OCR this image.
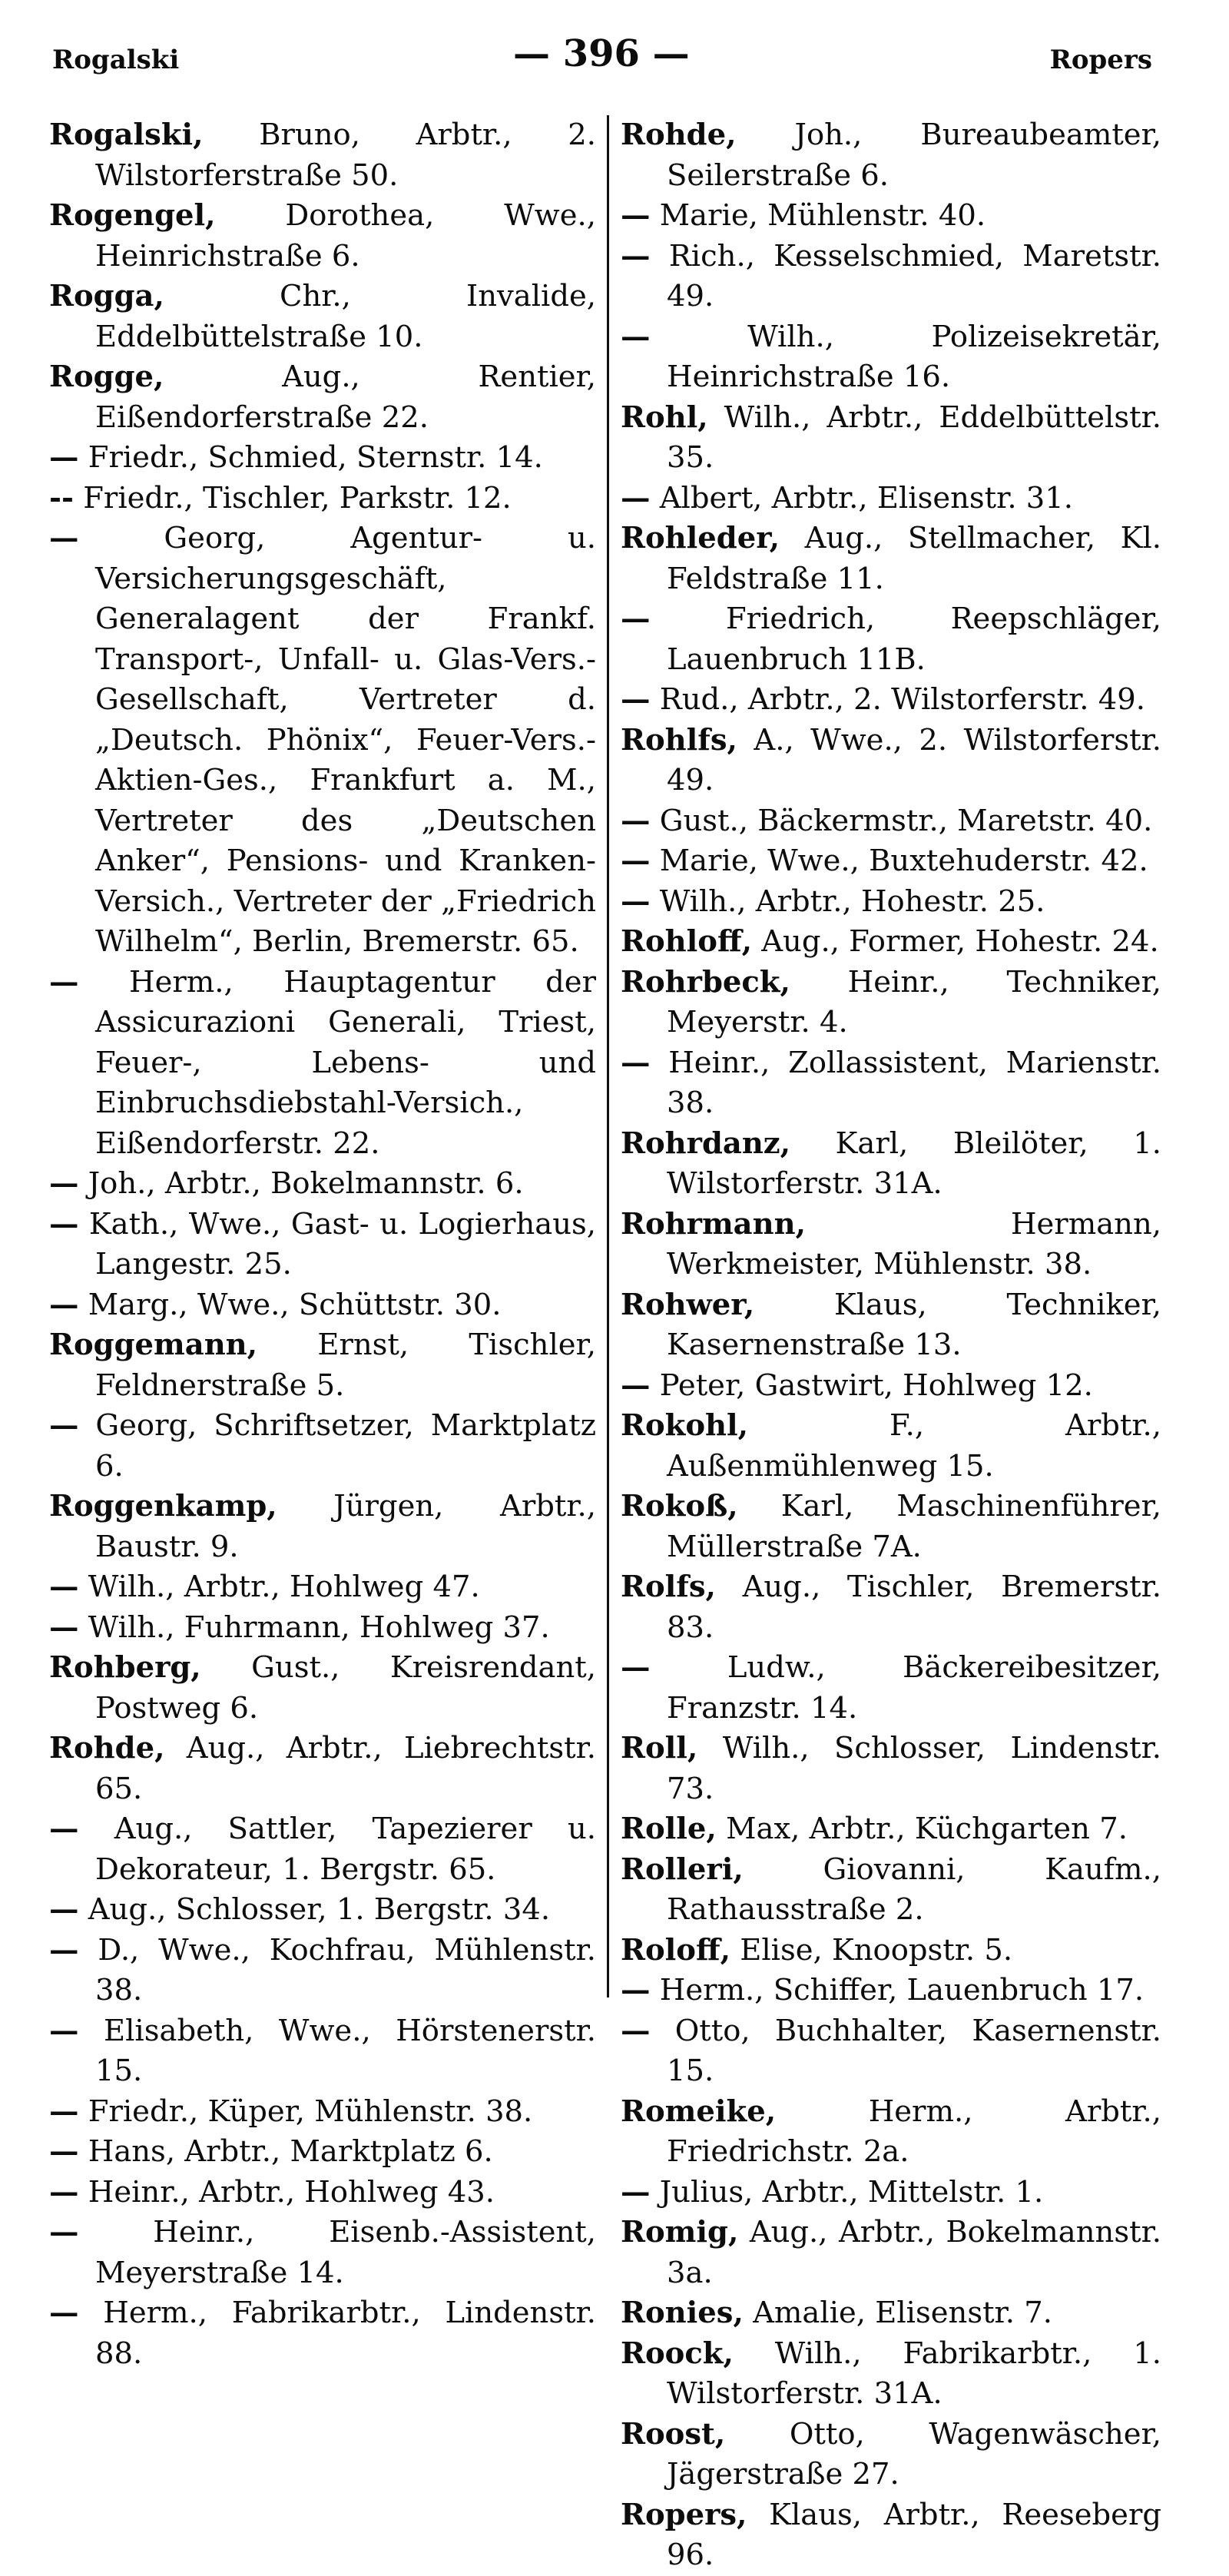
Rogalski	— 396 —	Ropers
Rogalski, Bruno, Arbtr., 2. Wilstorferstraße 50.
Rogengel, Dorothea, Wwe., Heinrichstraße 6.
Rogga, Chr., Invalide, Eddelbüttelstraße 10.
Rogge, Aug., Rentier, Eißendorferstraße 22.
— Friedr., Schmied, Sternstr. 14.
-- Friedr., Tischler, Parkstr. 12.
— Georg, Agentur- u. Versicherungsgeschäft, Generalagent der Frankf. Transport-, Unfall- u. Glas-Vers.-Gesellschaft, Vertreter d. „Deutsch. Phönix“, Feuer-Vers.-Aktien-Ges., Frankfurt a. M., Vertreter des „Deutschen Anker“, Pensions- und Kranken-Versich., Vertreter der „Friedrich Wilhelm“, Berlin, Bremerstr. 65.
— Herm., Hauptagentur der Assicurazioni Generali, Triest, Feuer-, Lebens- und Einbruchsdiebstahl-Versich., Eißendorferstr. 22.
— Joh., Arbtr., Bokelmannstr. 6.
— Kath., Wwe., Gast- u. Logierhaus, Langestr. 25.
— Marg., Wwe., Schüttstr. 30.
Roggemann, Ernst, Tischler, Feldnerstraße 5.
— Georg, Schriftsetzer, Marktplatz 6.
Roggenkamp, Jürgen, Arbtr., Baustr. 9.
— Wilh., Arbtr., Hohlweg 47.
— Wilh., Fuhrmann, Hohlweg 37.
Rohberg, Gust., Kreisrendant, Postweg 6.
Rohde, Aug., Arbtr., Liebrechtstr. 65.
— Aug., Sattler, Tapezierer u. Dekorateur, 1. Bergstr. 65.
— Aug., Schlosser, 1. Bergstr. 34.
— D., Wwe., Kochfrau, Mühlenstr. 38.
— Elisabeth, Wwe., Hörstenerstr. 15.
— Friedr., Küper, Mühlenstr. 38.
— Hans, Arbtr., Marktplatz 6.
— Heinr., Arbtr., Hohlweg 43.
— Heinr., Eisenb.-Assistent, Meyerstraße 14.
— Herm., Fabrikarbtr., Lindenstr. 88.
Rohde, Joh., Bureaubeamter, Seilerstraße 6.
— Marie, Mühlenstr. 40.
— Rich., Kesselschmied, Maretstr. 49.
— Wilh., Polizeisekretär, Heinrichstraße 16.
Rohl, Wilh., Arbtr., Eddelbüttelstr. 35.
— Albert, Arbtr., Elisenstr. 31.
Rohleder, Aug., Stellmacher, Kl. Feldstraße 11.
— Friedrich, Reepschläger, Lauenbruch 11B.
— Rud., Arbtr., 2. Wilstorferstr. 49.
Rohlfs, A., Wwe., 2. Wilstorferstr. 49.
— Gust., Bäckermstr., Maretstr. 40.
— Marie, Wwe., Buxtehuderstr. 42.
— Wilh., Arbtr., Hohestr. 25.
Rohloff, Aug., Former, Hohestr. 24.
Rohrbeck, Heinr., Techniker, Meyerstr. 4.
— Heinr., Zollassistent, Marienstr. 38.
Rohrdanz, Karl, Bleilöter, 1. Wilstorferstr. 31A.
Rohrmann, Hermann, Werkmeister, Mühlenstr. 38.
Rohwer, Klaus, Techniker, Kasernenstraße 13.
— Peter, Gastwirt, Hohlweg 12.
Rokohl, F., Arbtr., Außenmühlenweg 15.
Rokoß, Karl, Maschinenführer, Müllerstraße 7A.
Rolfs, Aug., Tischler, Bremerstr. 83.
— Ludw., Bäckereibesitzer, Franzstr. 14.
Roll, Wilh., Schlosser, Lindenstr. 73.
Rolle, Max, Arbtr., Küchgarten 7.
Rolleri, Giovanni, Kaufm., Rathausstraße 2.
Roloff, Elise, Knoopstr. 5.
— Herm., Schiffer, Lauenbruch 17.
— Otto, Buchhalter, Kasernenstr. 15.
Romeike, Herm., Arbtr., Friedrichstr. 2a.
— Julius, Arbtr., Mittelstr. 1.
Romig, Aug., Arbtr., Bokelmannstr. 3a.
Ronies, Amalie, Elisenstr. 7.
Roock, Wilh., Fabrikarbtr., 1. Wilstorferstr. 31A.
Roost, Otto, Wagenwäscher, Jägerstraße 27.
Ropers, Klaus, Arbtr., Reeseberg 96.
